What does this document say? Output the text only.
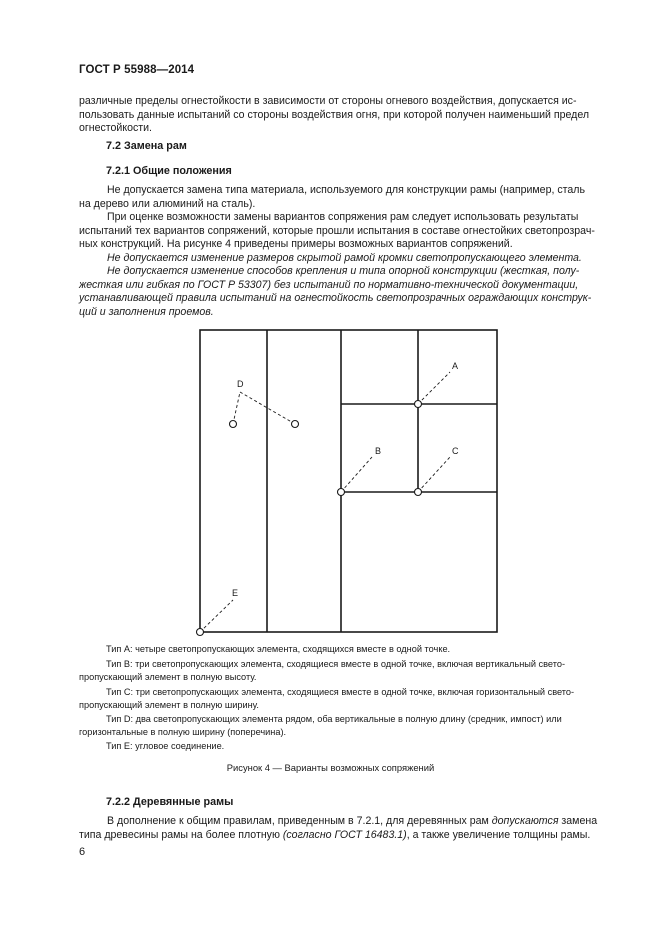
ГОСТ Р 55988—2014
различные пределы огнестойкости в зависимости от стороны огневого воздействия, допускается ис-
пользовать данные испытаний со стороны воздействия огня, при которой получен наименьший предел
огнестойкости.
7.2 Замена рам
7.2.1 Общие положения
Не допускается замена типа материала, используемого для конструкции рамы (например, сталь
на дерево или алюминий на сталь).
При оценке возможности замены вариантов сопряжения рам следует использовать результаты
испытаний тех вариантов сопряжений, которые прошли испытания в составе огнестойких светопрозрач-
ных конструкций. На рисунке 4 приведены примеры возможных вариантов сопряжений.
Не допускается изменение размеров скрытой рамой кромки светопропускающего элемента.
Не допускается изменение способов крепления и типа опорной конструкции (жесткая, полу-
жесткая или гибкая по ГОСТ Р 53307) без испытаний по нормативно-технической документации,
устанавливающей правила испытаний на огнестойкость светопрозрачных ограждающих конструк-
ций и заполнения проемов.
A
B	C
D
E
Тип А: четыре светопропускающих элемента, сходящихся вместе в одной точке.
Тип В: три светопропускающих элемента, сходящиеся вместе в одной точке, включая вертикальный свето-
пропускающий элемент в полную высоту.
Тип С: три светопропускающих элемента, сходящиеся вместе в одной точке, включая горизонтальный свето-
пропускающий элемент в полную ширину.
Тип D: два светопропускающих элемента рядом, оба вертикальные в полную длину (средник, импост) или
горизонтальные в полную ширину (поперечина).
Тип Е: угловое соединение.
Рисунок 4 — Варианты возможных сопряжений
7.2.2 Деревянные рамы
В дополнение к общим правилам, приведенным в 7.2.1, для деревянных рам допускаются замена
типа древесины рамы на более плотную (согласно ГОСТ 16483.1), а также увеличение толщины рамы.
6
